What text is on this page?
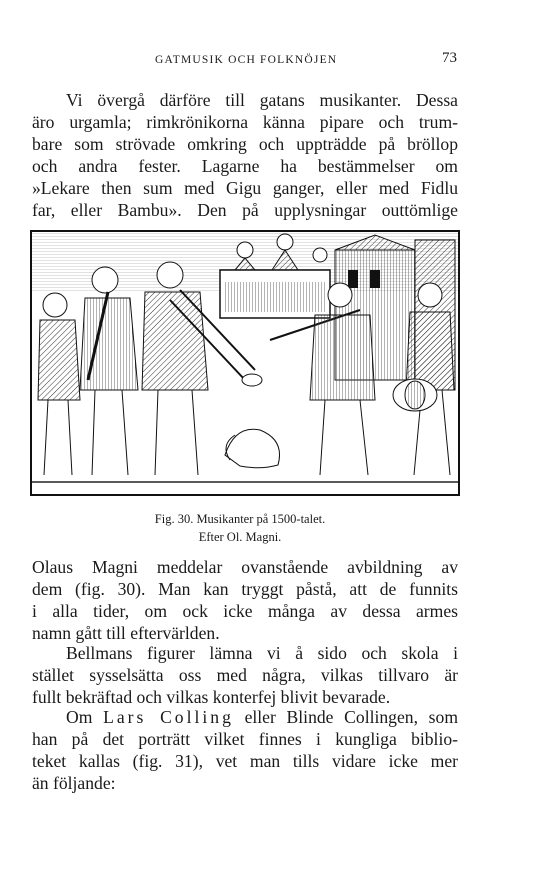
GATMUSIK OCH FOLKNÖJEN	73
Vi övergå därföre till gatans musikanter. Dessa
äro urgamla; rimkrönikorna känna pipare och trum-
bare som strövade omkring och uppträdde på bröllop
och andra fester. Lagarne ha bestämmelser om
»Lekare then sum med Gigu ganger, eller med Fidlu
far, eller Bambu». Den på upplysningar outtömlige
Fig. 30. Musikanter på 1500-talet.
Efter Ol. Magni.
Olaus Magni meddelar ovanstående avbildning av
dem (fig. 30). Man kan tryggt påstå, att de funnits
i alla tider, om ock icke många av dessa armes
namn gått till eftervärlden.
Bellmans figurer lämna vi å sido och skola i
stället sysselsätta oss med några, vilkas tillvaro är
fullt bekräftad och vilkas konterfej blivit bevarade.
Om Lars Colling eller Blinde Collingen, som
han på det porträtt vilket finnes i kungliga biblio-
teket kallas (fig. 31), vet man tills vidare icke mer
än följande:
